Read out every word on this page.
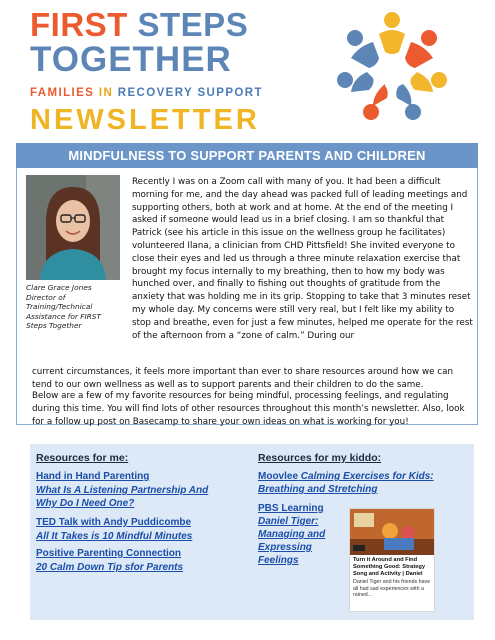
FIRST STEPS
TOGETHER
FAMILIES IN RECOVERY SUPPORT
NEWSLETTER
MINDFULNESS TO SUPPORT PARENTS AND CHILDREN
Clare Grace Jones
Director of Training/Technical Assistance for FIRST Steps Together
Recently I was on a Zoom call with many of you. It had been a difficult morning for me, and the day ahead was packed full of leading meetings and supporting others, both at work and at home. At the end of the meeting I asked if someone would lead us in a brief closing. I am so thankful that Patrick (see his article in this issue on the wellness group he facilitates) volunteered Ilana, a clinician from CHD Pittsfield! She invited everyone to close their eyes and led us through a three minute relaxation exercise that brought my focus internally to my breathing, then to how my body was hunched over, and finally to fishing out thoughts of gratitude from the anxiety that was holding me in its grip. Stopping to take that 3 minutes reset my whole day. My concerns were still very real, but I felt like my ability to stop and breathe, even for just a few minutes, helped me operate for the rest of the afternoon from a “zone of calm.” During our
current circumstances, it feels more important than ever to share resources around how we can tend to our own wellness as well as to support parents and their children to do the same.
Below are a few of my favorite resources for being mindful, processing feelings, and regulating during this time. You will find lots of other resources throughout this month’s newsletter. Also, look for a follow up post on Basecamp to share your own ideas on what is working for you!
Resources for me:	Resources for my kiddo:
Hand in Hand Parenting
What Is A Listening Partnership And Why Do I Need One?
TED Talk with Andy Puddicombe
All It Takes is 10 Mindful Minutes
Positive Parenting Connection
20 Calm Down Tip sfor Parents
Moovlee Calming Exercises for Kids: Breathing and Stretching
PBS Learning
Daniel Tiger: Managing and Expressing Feelings	Turn it Around and Find Something Good: Strategy Song and Activity | Daniel
Daniel Tiger and his friends have all had sad experiences with a rained...
